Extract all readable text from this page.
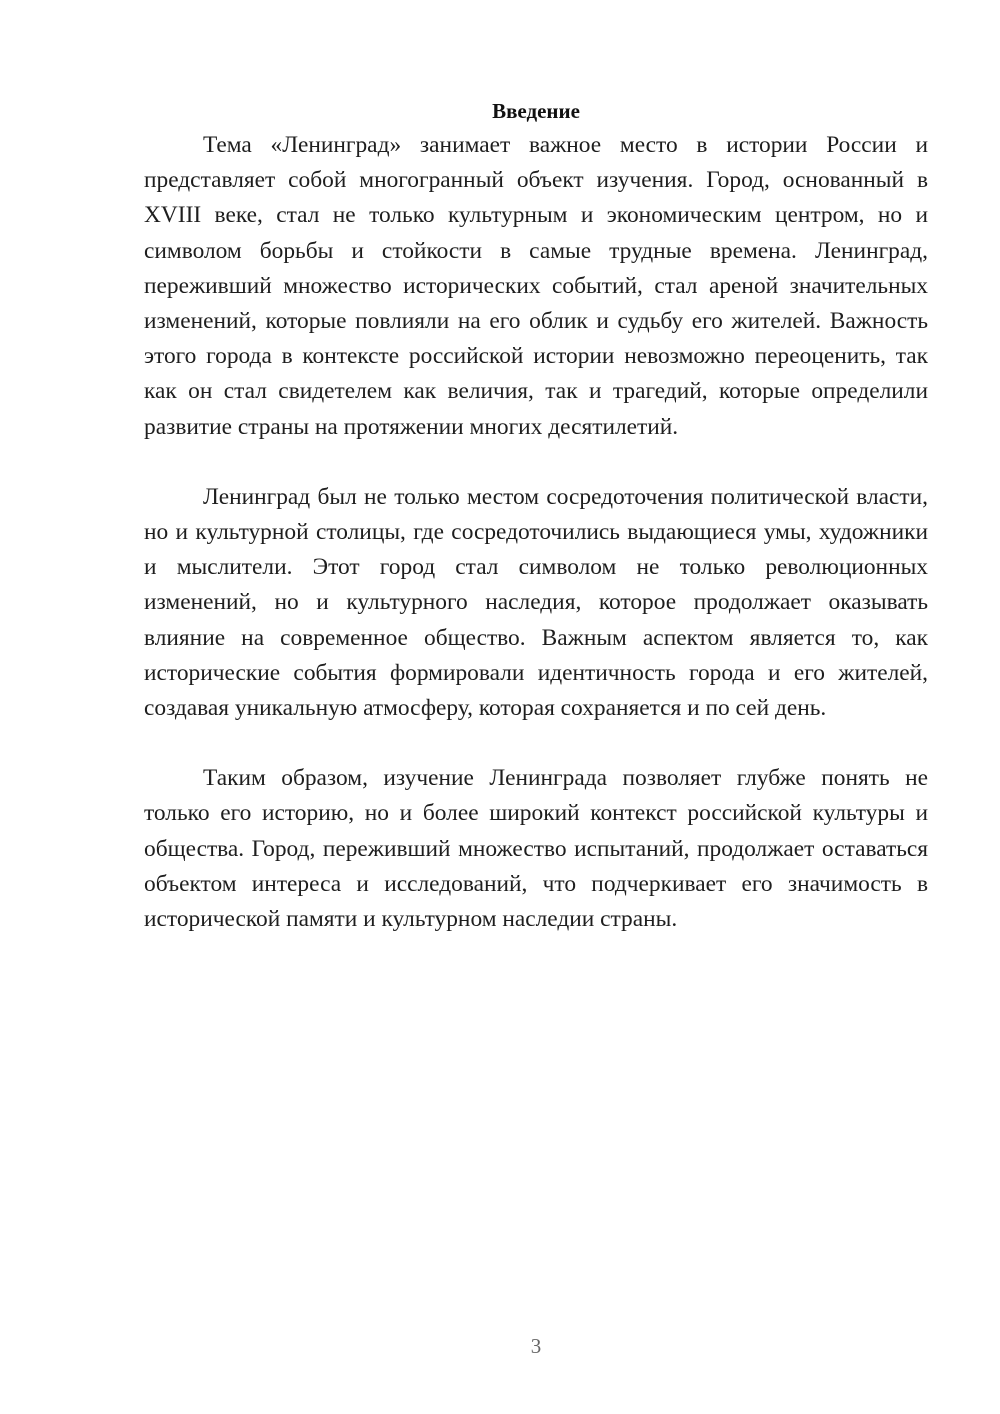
Введение

Тема «Ленинград» занимает важное место в истории России и представляет собой многогранный объект изучения. Город, основанный в XVIII веке, стал не только культурным и экономическим центром, но и символом борьбы и стойкости в самые трудные времена. Ленинград, переживший множество исторических событий, стал ареной значительных изменений, которые повлияли на его облик и судьбу его жителей. Важность этого города в контексте российской истории невозможно переоценить, так как он стал свидетелем как величия, так и трагедий, которые определили развитие страны на протяжении многих десятилетий.

Ленинград был не только местом сосредоточения политической власти, но и культурной столицы, где сосредоточились выдающиеся умы, художники и мыслители. Этот город стал символом не только революционных изменений, но и культурного наследия, которое продолжает оказывать влияние на современное общество. Важным аспектом является то, как исторические события формировали идентичность города и его жителей, создавая уникальную атмосферу, которая сохраняется и по сей день.

Таким образом, изучение Ленинграда позволяет глубже понять не только его историю, но и более широкий контекст российской культуры и общества. Город, переживший множество испытаний, продолжает оставаться объектом интереса и исследований, что подчеркивает его значимость в исторической памяти и культурном наследии страны.

3
